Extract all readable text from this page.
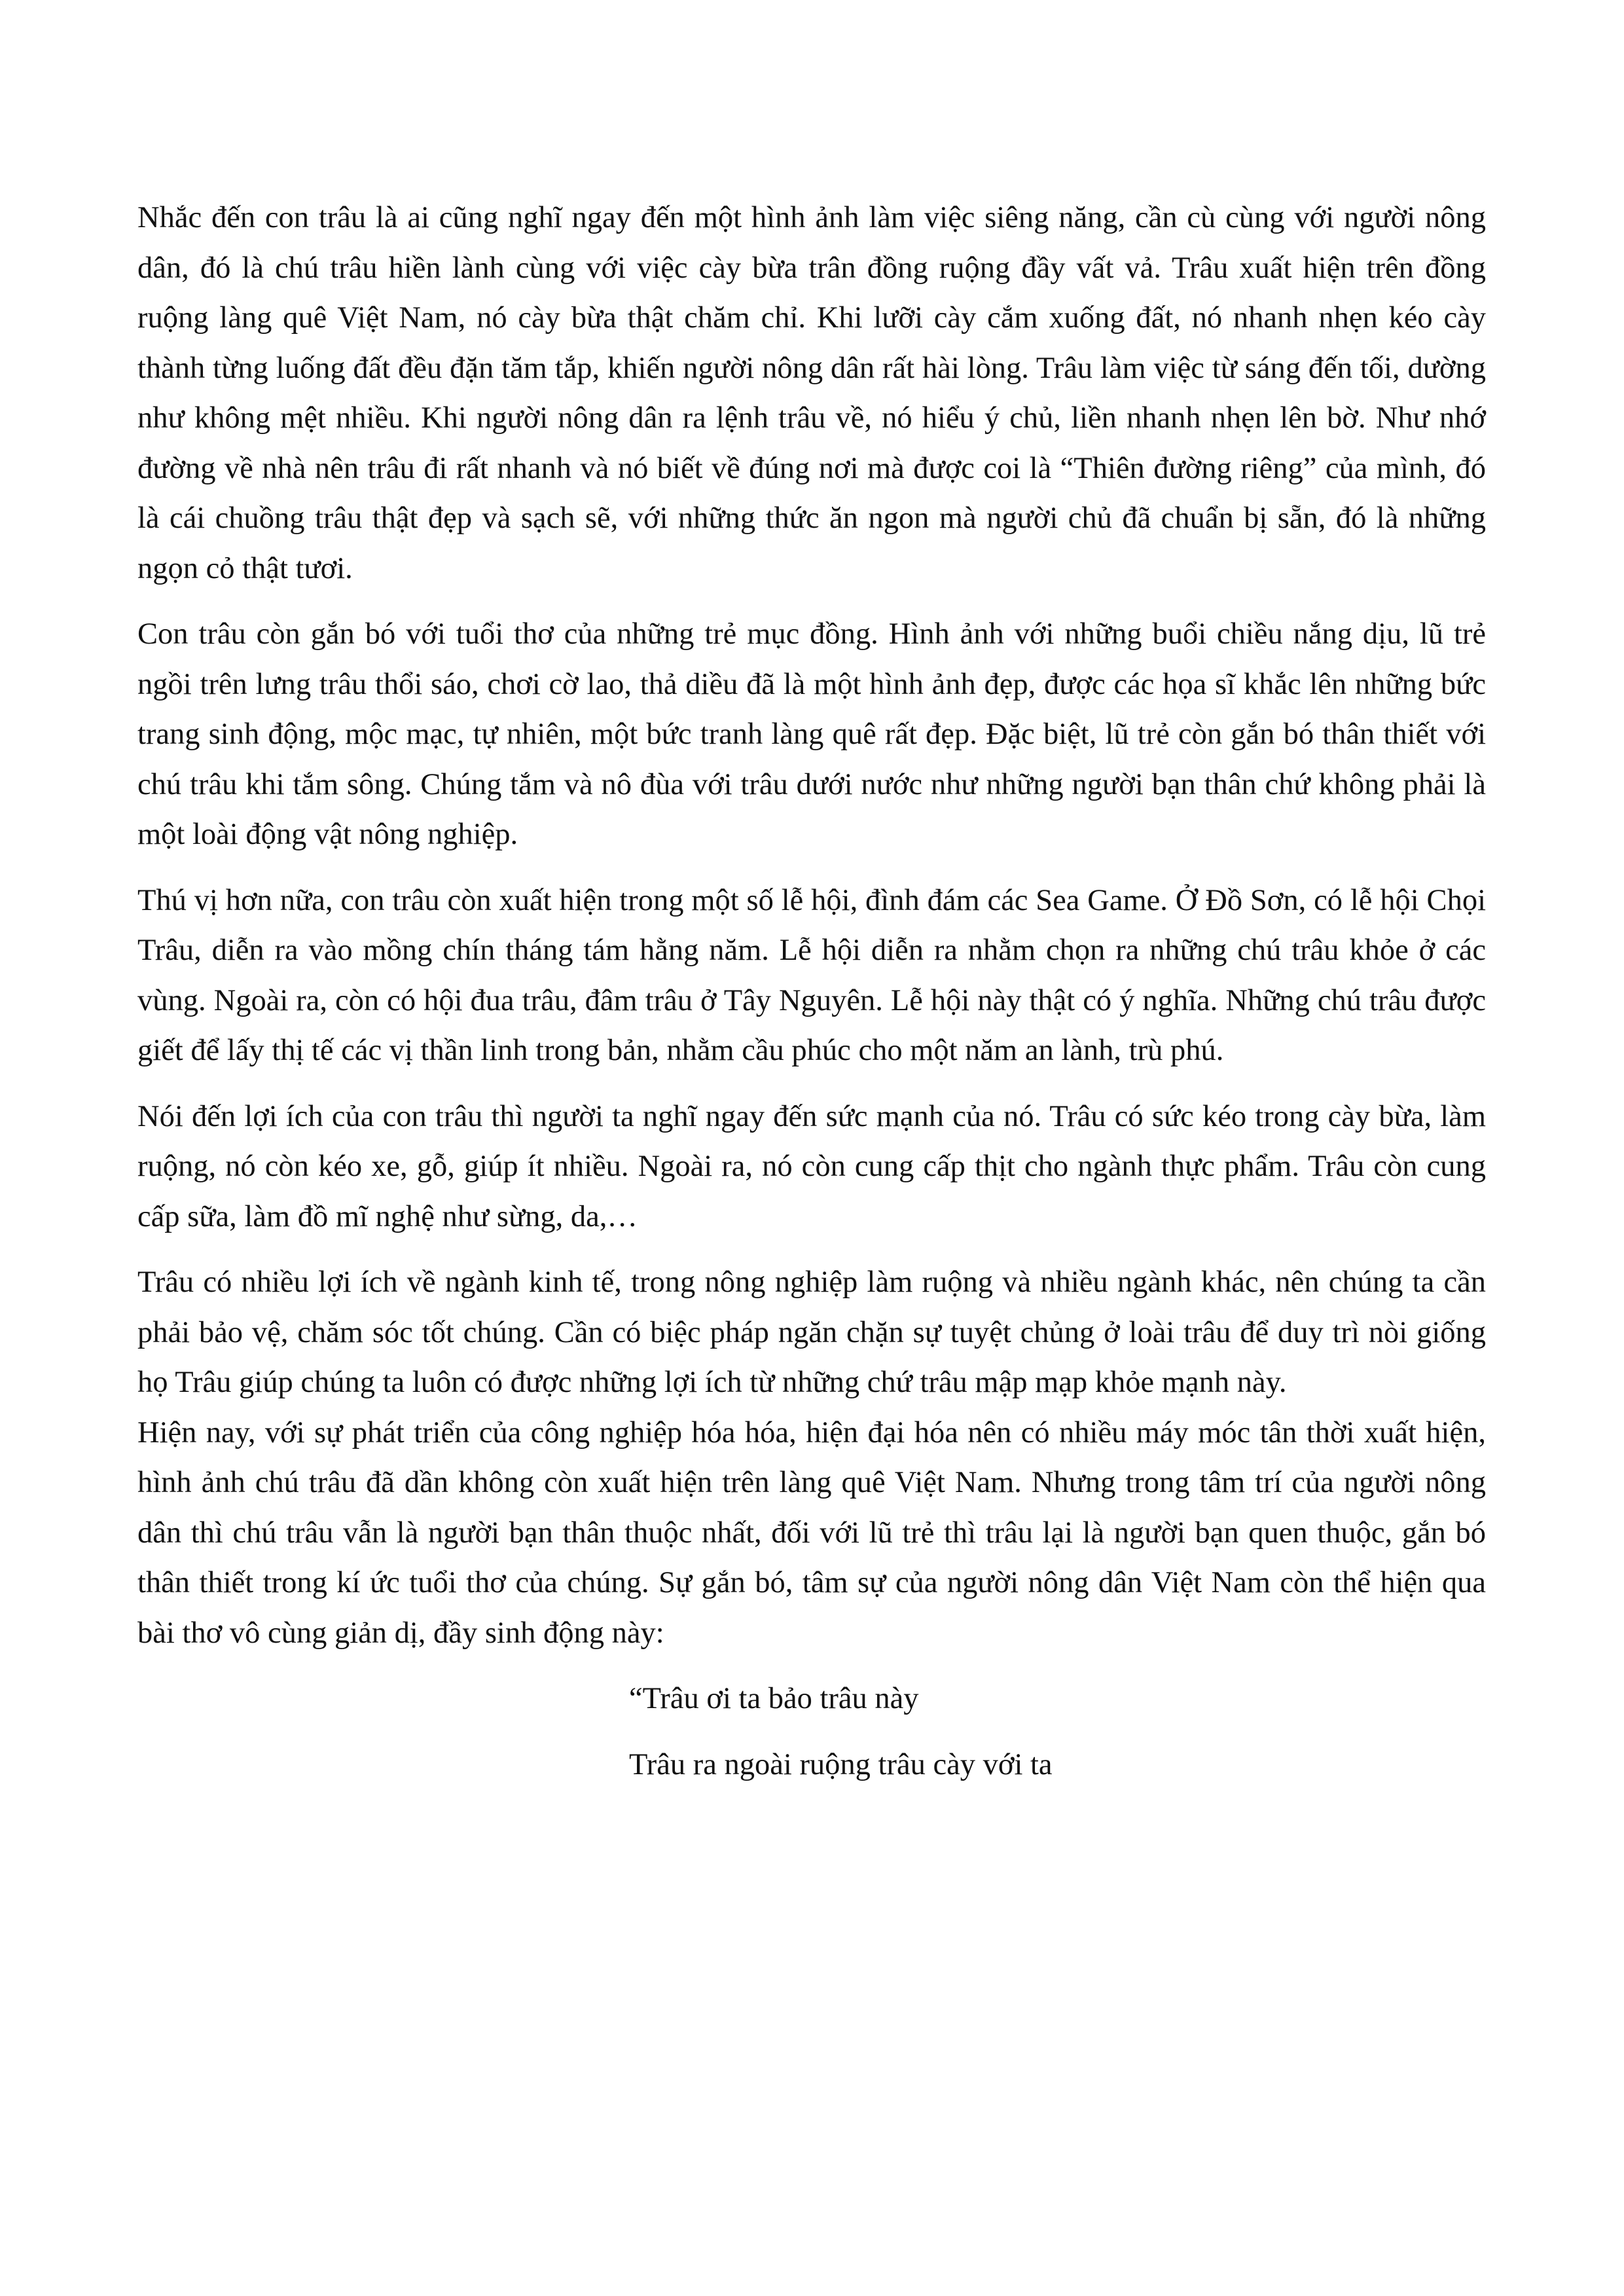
Nhắc đến con trâu là ai cũng nghĩ ngay đến một hình ảnh làm việc siêng năng, cần cù cùng với người nông dân, đó là chú trâu hiền lành cùng với việc cày bừa trân đồng ruộng đầy vất vả. Trâu xuất hiện trên đồng ruộng làng quê Việt Nam, nó cày bừa thật chăm chỉ. Khi lưỡi cày cắm xuống đất, nó nhanh nhẹn kéo cày thành từng luống đất đều đặn tăm tắp, khiến người nông dân rất hài lòng. Trâu làm việc từ sáng đến tối, dường như không mệt nhiều. Khi người nông dân ra lệnh trâu về, nó hiểu ý chủ, liền nhanh nhẹn lên bờ. Như nhớ đường về nhà nên trâu đi rất nhanh và nó biết về đúng nơi mà được coi là “Thiên đường riêng” của mình, đó là cái chuồng trâu thật đẹp và sạch sẽ, với những thức ăn ngon mà người chủ đã chuẩn bị sẵn, đó là những ngọn cỏ thật tươi.

Con trâu còn gắn bó với tuổi thơ của những trẻ mục đồng. Hình ảnh với những buổi chiều nắng dịu, lũ trẻ ngồi trên lưng trâu thổi sáo, chơi cờ lao, thả diều đã là một hình ảnh đẹp, được các họa sĩ khắc lên những bức trang sinh động, mộc mạc, tự nhiên, một bức tranh làng quê rất đẹp. Đặc biệt, lũ trẻ còn gắn bó thân thiết với chú trâu khi tắm sông. Chúng tắm và nô đùa với trâu dưới nước như những người bạn thân chứ không phải là một loài động vật nông nghiệp.

Thú vị hơn nữa, con trâu còn xuất hiện trong một số lễ hội, đình đám các Sea Game. Ở Đồ Sơn, có lễ hội Chọi Trâu, diễn ra vào mồng chín tháng tám hằng năm. Lễ hội diễn ra nhằm chọn ra những chú trâu khỏe ở các vùng. Ngoài ra, còn có hội đua trâu, đâm trâu ở Tây Nguyên. Lễ hội này thật có ý nghĩa. Những chú trâu được giết để lấy thị tế các vị thần linh trong bản, nhằm cầu phúc cho một năm an lành, trù phú.

Nói đến lợi ích của con trâu thì người ta nghĩ ngay đến sức mạnh của nó. Trâu có sức kéo trong cày bừa, làm ruộng, nó còn kéo xe, gỗ, giúp ít nhiều. Ngoài ra, nó còn cung cấp thịt cho ngành thực phẩm. Trâu còn cung cấp sữa, làm đồ mĩ nghệ như sừng, da,…

Trâu có nhiều lợi ích về ngành kinh tế, trong nông nghiệp làm ruộng và nhiều ngành khác, nên chúng ta cần phải bảo vệ, chăm sóc tốt chúng. Cần có biệc pháp ngăn chặn sự tuyệt chủng ở loài trâu để duy trì nòi giống họ Trâu giúp chúng ta luôn có được những lợi ích từ những chứ trâu mập mạp khỏe mạnh này.

Hiện nay, với sự phát triển của công nghiệp hóa hóa, hiện đại hóa nên có nhiều máy móc tân thời xuất hiện, hình ảnh chú trâu đã dần không còn xuất hiện trên làng quê Việt Nam. Nhưng trong tâm trí của người nông dân thì chú trâu vẫn là người bạn thân thuộc nhất, đối với lũ trẻ thì trâu lại là người bạn quen thuộc, gắn bó thân thiết trong kí ức tuổi thơ của chúng. Sự gắn bó, tâm sự của người nông dân Việt Nam còn thể hiện qua bài thơ vô cùng giản dị, đầy sinh động này:

“Trâu ơi ta bảo trâu này
Trâu ra ngoài ruộng trâu cày với ta
